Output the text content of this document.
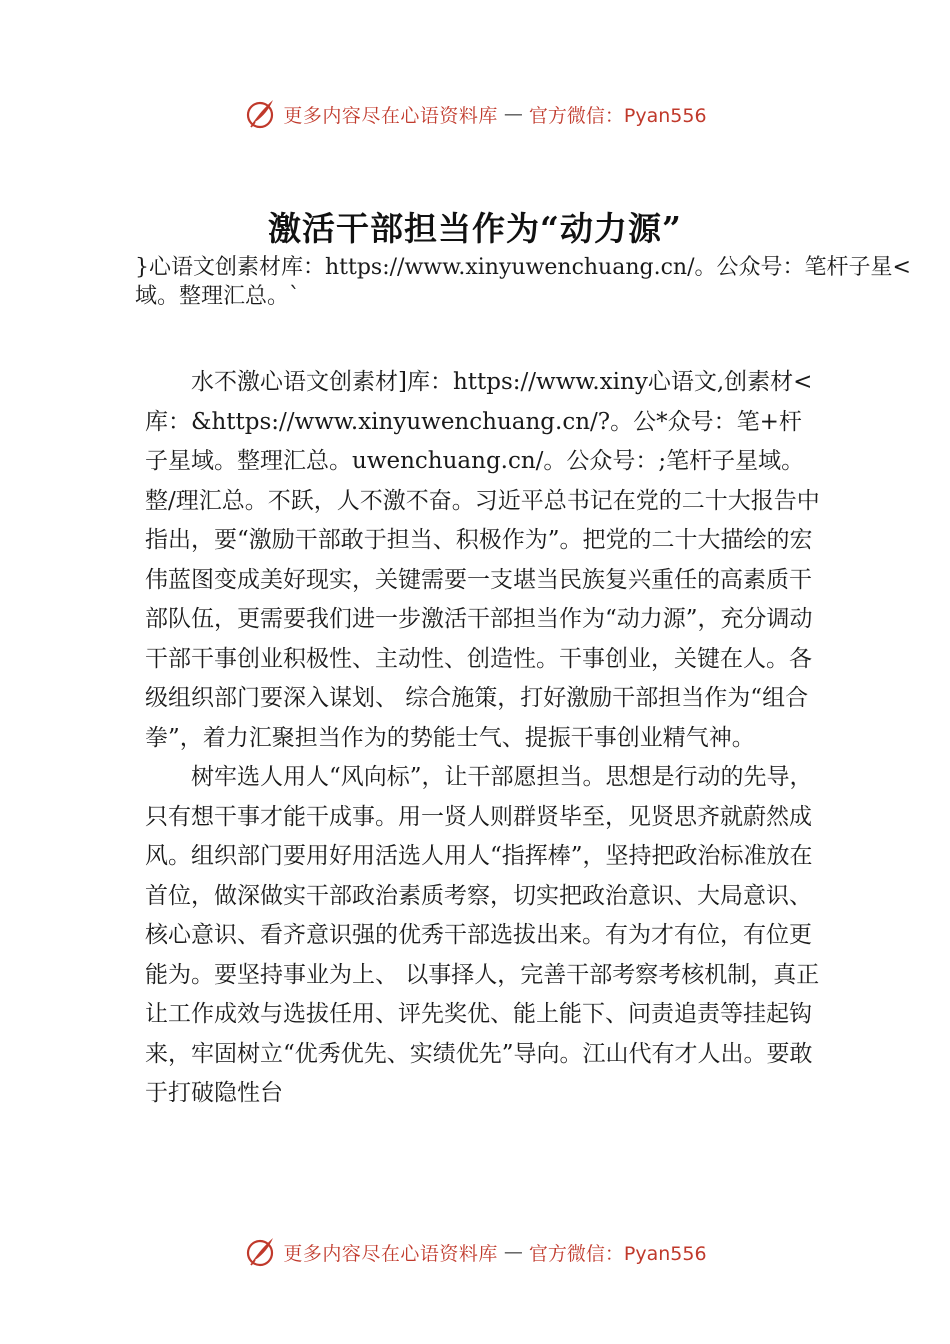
更多内容尽在心语资料库 — 官方微信：Pyan556
激活干部担当作为“动力源”

}心语文创素材库：https://www.xinyuwenchuang.cn/。公众号：笔杆子星<域。整理汇总。`

水不激心语文创素材]库：https://www.xiny心语文,创素材<库：&https://www.xinyuwenchuang.cn/?。公*众号：笔+杆子星域。整理汇总。uwenchuang.cn/。公众号：;笔杆子星域。整/理汇总。不跃，人不激不奋。习近平总书记在党的二十大报告中指出，要“激励干部敢于担当、积极作为”。把党的二十大描绘的宏伟蓝图变成美好现实，关键需要一支堪当民族复兴重任的高素质干部队伍，更需要我们进一步激活干部担当作为“动力源”，充分调动干部干事创业积极性、主动性、创造性。干事创业，关键在人。各级组织部门要深入谋划、 综合施策，打好激励干部担当作为“组合拳”，着力汇聚担当作为的势能士气、提振干事创业精气神。

树牢选人用人“风向标”，让干部愿担当。思想是行动的先导，只有想干事才能干成事。用一贤人则群贤毕至，见贤思齐就蔚然成风。组织部门要用好用活选人用人“指挥棒”，坚持把政治标准放在首位，做深做实干部政治素质考察，切实把政治意识、大局意识、核心意识、看齐意识强的优秀干部选拔出来。有为才有位，有位更能为。要坚持事业为上、 以事择人，完善干部考察考核机制，真正让工作成效与选拔任用、评先奖优、能上能下、问责追责等挂起钩来，牢固树立“优秀优先、实绩优先”导向。江山代有才人出。要敢于打破隐性台

更多内容尽在心语资料库 — 官方微信：Pyan556
